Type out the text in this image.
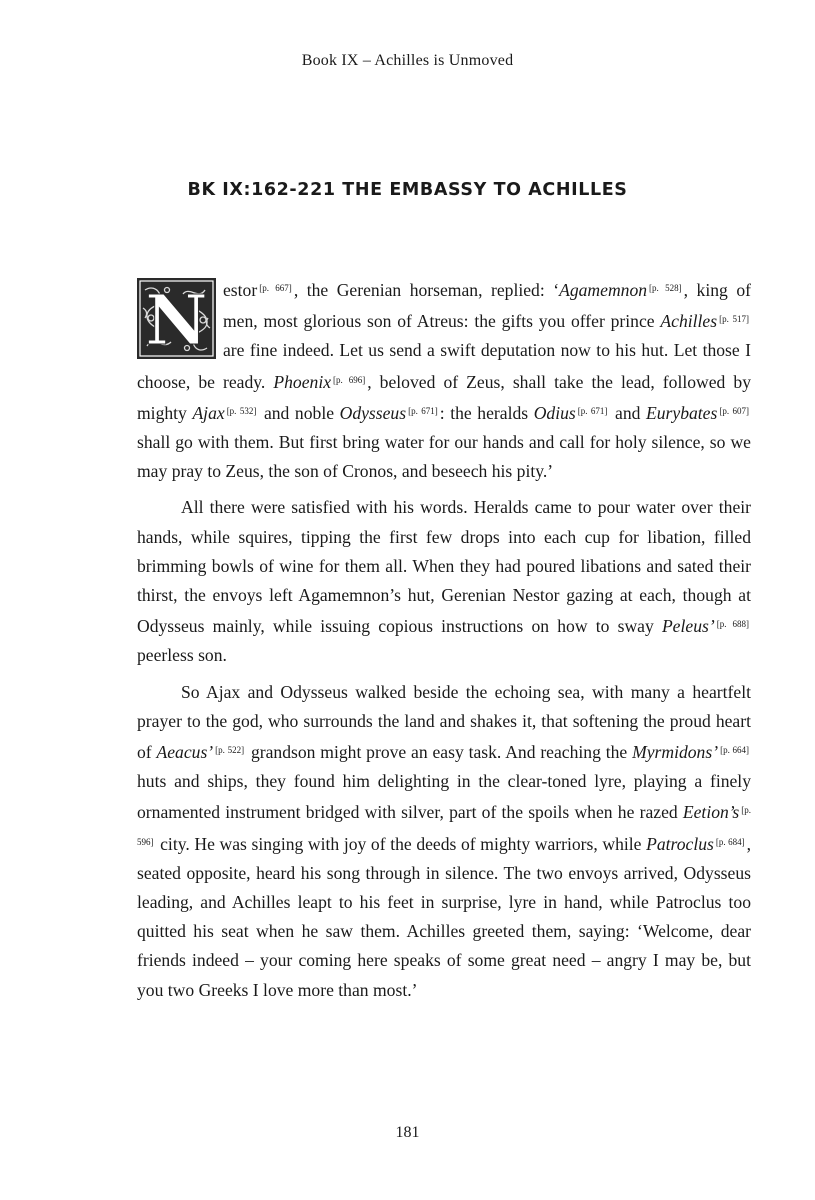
Book IX – Achilles is Unmoved
BK IX:162-221 THE EMBASSY TO ACHILLES

N estor [p. 667] , the Gerenian horseman, replied: ‘Agamemnon [p. 528] , king of men, most glorious son of Atreus: the gifts you offer prince Achilles [p. 517] are fine indeed. Let us send a swift deputation now to his hut. Let those I choose, be ready. Phoenix [p. 696] , beloved of Zeus, shall take the lead, followed by mighty Ajax [p. 532] and noble Odysseus [p. 671] : the heralds Odius [p. 671] and Eurybates [p. 607] shall go with them. But first bring water for our hands and call for holy silence, so we may pray to Zeus, the son of Cronos, and beseech his pity.’

All there were satisfied with his words. Heralds came to pour water over their hands, while squires, tipping the first few drops into each cup for libation, filled brimming bowls of wine for them all. When they had poured libations and sated their thirst, the envoys left Agamemnon’s hut, Gerenian Nestor gazing at each, though at Odysseus mainly, while issuing copious instructions on how to sway Peleus’ [p. 688] peerless son.

So Ajax and Odysseus walked beside the echoing sea, with many a heartfelt prayer to the god, who surrounds the land and shakes it, that softening the proud heart of Aeacus’ [p. 522] grandson might prove an easy task. And reaching the Myrmidons’ [p. 664] huts and ships, they found him delighting in the clear-toned lyre, playing a finely ornamented instrument bridged with silver, part of the spoils when he razed Eetion’s [p. 596] city. He was singing with joy of the deeds of mighty warriors, while Patroclus [p. 684] , seated opposite, heard his song through in silence. The two envoys arrived, Odysseus leading, and Achilles leapt to his feet in surprise, lyre in hand, while Patroclus too quitted his seat when he saw them. Achilles greeted them, saying: ‘Welcome, dear friends indeed – your coming here speaks of some great need – angry I may be, but you two Greeks I love more than most.’

181
